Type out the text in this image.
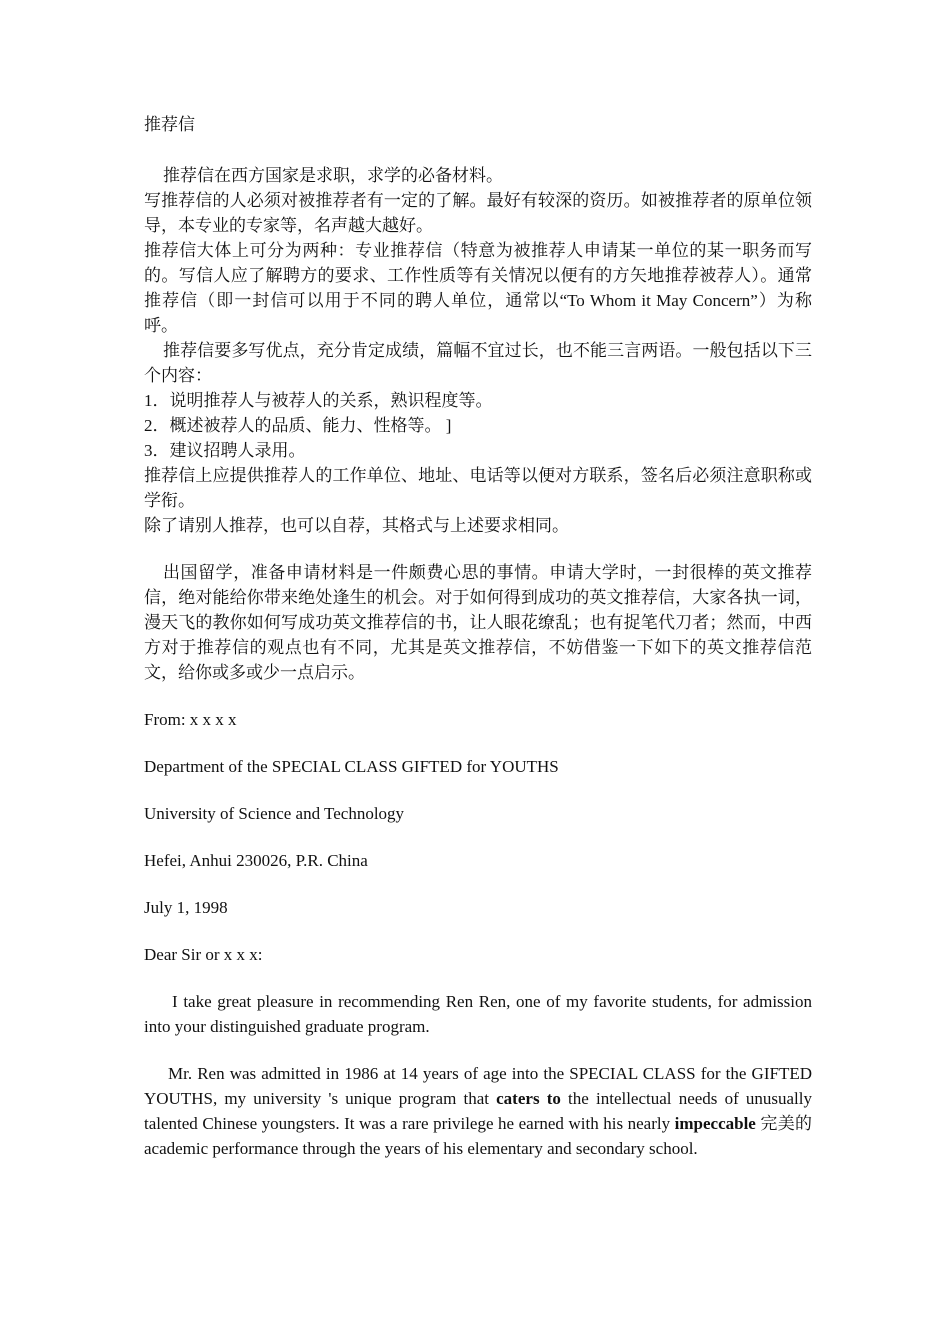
推荐信

推荐信在西方国家是求职，求学的必备材料。

写推荐信的人必须对被推荐者有一定的了解。最好有较深的资历。如被推荐者的原单位领导，本专业的专家等，名声越大越好。

推荐信大体上可分为两种：专业推荐信（特意为被推荐人申请某一单位的某一职务而写的。写信人应了解聘方的要求、工作性质等有关情况以便有的方矢地推荐被荐人）。通常推荐信（即一封信可以用于不同的聘人单位，通常以“To Whom it May Concern”）为称呼。

推荐信要多写优点，充分肯定成绩，篇幅不宜过长，也不能三言两语。一般包括以下三个内容：

1．说明推荐人与被荐人的关系，熟识程度等。

2．概述被荐人的品质、能力、性格等。 ]

3．建议招聘人录用。

推荐信上应提供推荐人的工作单位、地址、电话等以便对方联系，签名后必须注意职称或学衔。

除了请别人推荐，也可以自荐，其格式与上述要求相同。

出国留学，准备申请材料是一件颇费心思的事情。申请大学时，一封很棒的英文推荐信，绝对能给你带来绝处逢生的机会。对于如何得到成功的英文推荐信，大家各执一词，漫天飞的教你如何写成功英文推荐信的书，让人眼花缭乱；也有捉笔代刀者；然而，中西方对于推荐信的观点也有不同，尤其是英文推荐信，不妨借鉴一下如下的英文推荐信范文，给你或多或少一点启示。

From: x x x x

Department of the SPECIAL CLASS GIFTED for YOUTHS

University of Science and Technology

Hefei, Anhui 230026, P.R. China

July 1, 1998

Dear Sir or x x x:

I take great pleasure in recommending Ren Ren, one of my favorite students, for admission into your distinguished graduate program.

Mr. Ren was admitted in 1986 at 14 years of age into the SPECIAL CLASS for the GIFTED YOUTHS, my university 's unique program that caters to the intellectual needs of unusually talented Chinese youngsters. It was a rare privilege he earned with his nearly impeccable 完美的 academic performance through the years of his elementary and secondary school.
